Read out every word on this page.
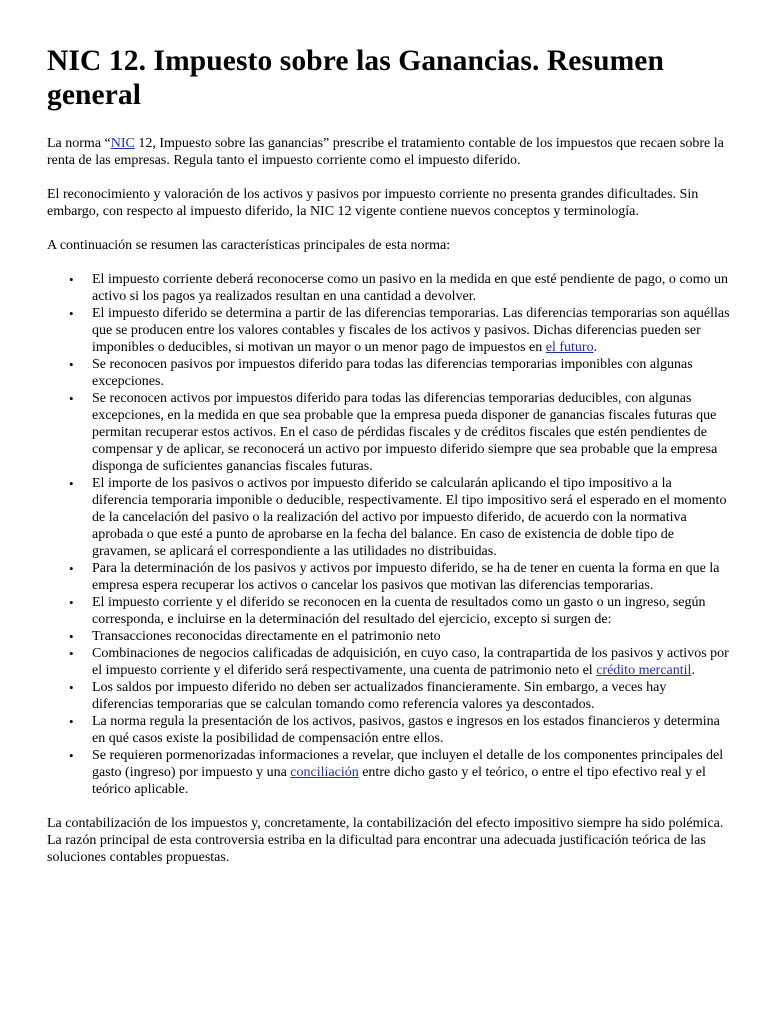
NIC 12. Impuesto sobre las Ganancias. Resumen general

La norma “NIC 12, Impuesto sobre las ganancias” prescribe el tratamiento contable de los impuestos que recaen sobre la renta de las empresas. Regula tanto el impuesto corriente como el impuesto diferido.

El reconocimiento y valoración de los activos y pasivos por impuesto corriente no presenta grandes dificultades. Sin embargo, con respecto al impuesto diferido, la NIC 12 vigente contiene nuevos conceptos y terminología.

A continuación se resumen las características principales de esta norma:

• El impuesto corriente deberá reconocerse como un pasivo en la medida en que esté pendiente de pago, o como un activo si los pagos ya realizados resultan en una cantidad a devolver.
• El impuesto diferido se determina a partir de las diferencias temporarias. Las diferencias temporarias son aquéllas que se producen entre los valores contables y fiscales de los activos y pasivos. Dichas diferencias pueden ser imponibles o deducibles, si motivan un mayor o un menor pago de impuestos en el futuro.
• Se reconocen pasivos por impuestos diferido para todas las diferencias temporarias imponibles con algunas excepciones.
• Se reconocen activos por impuestos diferido para todas las diferencias temporarias deducibles, con algunas excepciones, en la medida en que sea probable que la empresa pueda disponer de ganancias fiscales futuras que permitan recuperar estos activos. En el caso de pérdidas fiscales y de créditos fiscales que estén pendientes de compensar y de aplicar, se reconocerá un activo por impuesto diferido siempre que sea probable que la empresa disponga de suficientes ganancias fiscales futuras.
• El importe de los pasivos o activos por impuesto diferido se calcularán aplicando el tipo impositivo a la diferencia temporaria imponible o deducible, respectivamente. El tipo impositivo será el esperado en el momento de la cancelación del pasivo o la realización del activo por impuesto diferido, de acuerdo con la normativa aprobada o que esté a punto de aprobarse en la fecha del balance. En caso de existencia de doble tipo de gravamen, se aplicará el correspondiente a las utilidades no distribuidas.
• Para la determinación de los pasivos y activos por impuesto diferido, se ha de tener en cuenta la forma en que la empresa espera recuperar los activos o cancelar los pasivos que motivan las diferencias temporarias.
• El impuesto corriente y el diferido se reconocen en la cuenta de resultados como un gasto o un ingreso, según corresponda, e incluirse en la determinación del resultado del ejercicio, excepto si surgen de:
• Transacciones reconocidas directamente en el patrimonio neto
• Combinaciones de negocios calificadas de adquisición, en cuyo caso, la contrapartida de los pasivos y activos por el impuesto corriente y el diferido será respectivamente, una cuenta de patrimonio neto el crédito mercantil.
• Los saldos por impuesto diferido no deben ser actualizados financieramente. Sin embargo, a veces hay diferencias temporarias que se calculan tomando como referencia valores ya descontados.
• La norma regula la presentación de los activos, pasivos, gastos e ingresos en los estados financieros y determina en qué casos existe la posibilidad de compensación entre ellos.
• Se requieren pormenorizadas informaciones a revelar, que incluyen el detalle de los componentes principales del gasto (ingreso) por impuesto y una conciliación entre dicho gasto y el teórico, o entre el tipo efectivo real y el teórico aplicable.

La contabilización de los impuestos y, concretamente, la contabilización del efecto impositivo siempre ha sido polémica. La razón principal de esta controversia estriba en la dificultad para encontrar una adecuada justificación teórica de las soluciones contables propuestas.
